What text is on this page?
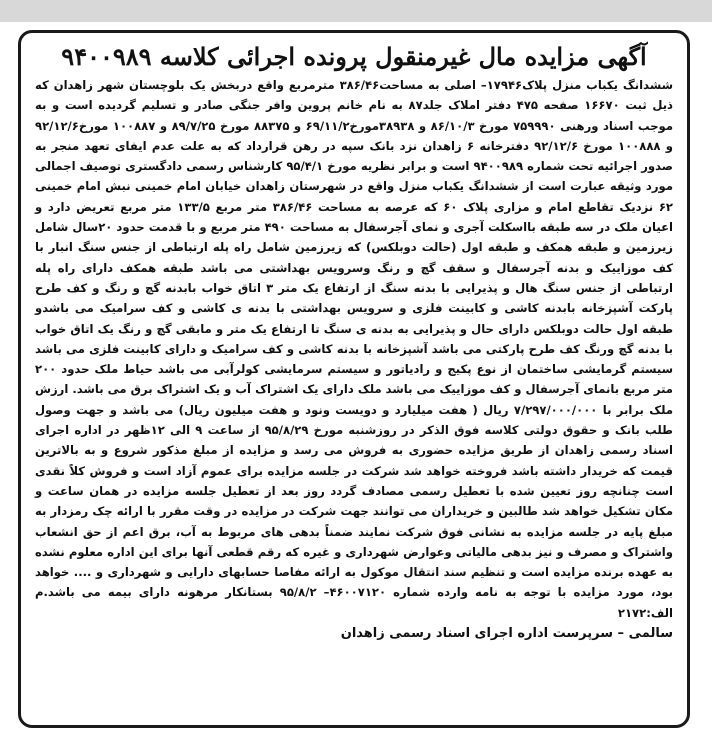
آگهی مزایده مال غیرمنقول پرونده اجرائی کلاسه ۹۴۰۰۹۸۹

ششدانگ یکباب منزل پلاک۱۷۹۴۶– اصلی به مساحت۳۸۶/۴۶ مترمربع واقع دربخش یک بلوچستان شهر زاهدان که ذیل ثبت ۱۶۶۷۰ صفحه ۴۷۵ دفتر املاک جلد۸۷ به نام خانم پروین وافر جنگی صادر و تسلیم گردیده است و به موجب اسناد ورهنی ۷۵۹۹۹۰ مورخ ۸۶/۱۰/۳ و ۳۸۹۳۸مورخ۶۹/۱۱/۲ و ۸۸۳۷۵ مورخ ۸۹/۷/۲۵ و ۱۰۰۸۸۷ مورخ۹۲/۱۲/۶ و ۱۰۰۸۸۸ مورخ ۹۲/۱۲/۶ دفترخانه ۶ زاهدان نزد بانک سپه در رهن قرارداد که به علت عدم ایفای تعهد منجر به صدور اجرائیه تحت شماره ۹۴۰۰۹۸۹ است و برابر نظریه مورخ ۹۵/۴/۱ کارشناس رسمی دادگستری توصیف اجمالی مورد وثیقه عبارت است از ششدانگ یکباب منزل واقع در شهرستان زاهدان خیابان امام خمینی نبش امام خمینی ۶۲ نزدیک تقاطع امام و مزاری پلاک ۶۰ که عرصه به مساحت ۳۸۶/۴۶ متر مربع ۱۳۳/۵ متر مربع تعریض دارد و اعیان ملک در سه طبقه بااسکلت آجری و نمای آجرسفال به مساحت ۴۹۰ متر مربع و با قدمت حدود ۲۰سال شامل زیرزمین و طبقه همکف و طبقه اول (حالت دوبلکس) که زیرزمین شامل راه پله ارتباطی از جنس سنگ انبار با کف موزاییک و بدنه آجرسفال و سقف گچ و رنگ وسرویس بهداشتی می باشد طبقه همکف دارای راه پله ارتباطی از جنس سنگ هال و پذیرایی با بدنه سنگ از ارتفاع یک متر ۳ اتاق خواب بابدنه گچ و رنگ و کف طرح پارکت آشپزخانه بابدنه کاشی و کابینت فلزی و سرویس بهداشتی با بدنه ی کاشی و کف سرامیک می باشدو طبقه اول حالت دوبلکس دارای حال و پذیرایی به بدنه ی سنگ تا ارتفاع یک متر و مابقی گچ و رنگ یک اتاق خواب با بدنه گچ ورنگ کف طرح پارکتی می باشد آشپزخانه با بدنه کاشی و کف سرامیک و دارای کابینت فلزی می باشد سیستم گرمایشی ساختمان از نوع پکیج و رادیاتور و سیستم سرمایشی کولرآبی می باشد حیاط ملک حدود ۲۰۰ متر مربع بانمای آجرسفال و کف موزاییک می باشد ملک دارای یک اشتراک آب و یک اشتراک برق می باشد. ارزش ملک برابر با ۷/۲۹۷/۰۰۰/۰۰۰ ریال ( هفت میلیارد و دویست ونود و هفت میلیون ریال) می باشد و جهت وصول طلب بانک و حقوق دولتی کلاسه فوق الذکر در روزشنبه مورخ ۹۵/۸/۲۹ از ساعت ۹ الی ۱۲ظهر در اداره اجرای اسناد رسمی زاهدان از طریق مزایده حضوری به فروش می رسد و مزایده از مبلغ مذکور شروع و به بالاترین قیمت که خریدار داشته باشد فروخته خواهد شد شرکت در جلسه مزایده برای عموم آزاد است و فروش کلاً نقدی است چنانچه روز تعیین شده با تعطیل رسمی مصادف گردد روز بعد از تعطیل جلسه مزایده در همان ساعت و مکان تشکیل خواهد شد طالبین و خریداران می توانند جهت شرکت در مزایده در وقت مقرر با ارائه چک رمزدار به مبلغ پایه در جلسه مزایده به نشانی فوق شرکت نمایند ضمناً بدهی های مربوط به آب، برق اعم از حق انشعاب واشتراک و مصرف و نیز بدهی مالیاتی وعوارض شهرداری و غیره که رقم قطعی آنها برای این اداره معلوم نشده به عهده برنده مزایده است و تنظیم سند انتقال موکول به ارائه مفاصا حسابهای دارایی و شهرداری و .... خواهد بود، مورد مزایده با توجه به نامه وارده شماره ۴۶۰۰۷۱۲۰– ۹۵/۸/۲ بستانکار مرهونه دارای بیمه می باشد.م الف:۲۱۷۲

سالمی – سرپرست اداره اجرای اسناد رسمی زاهدان
